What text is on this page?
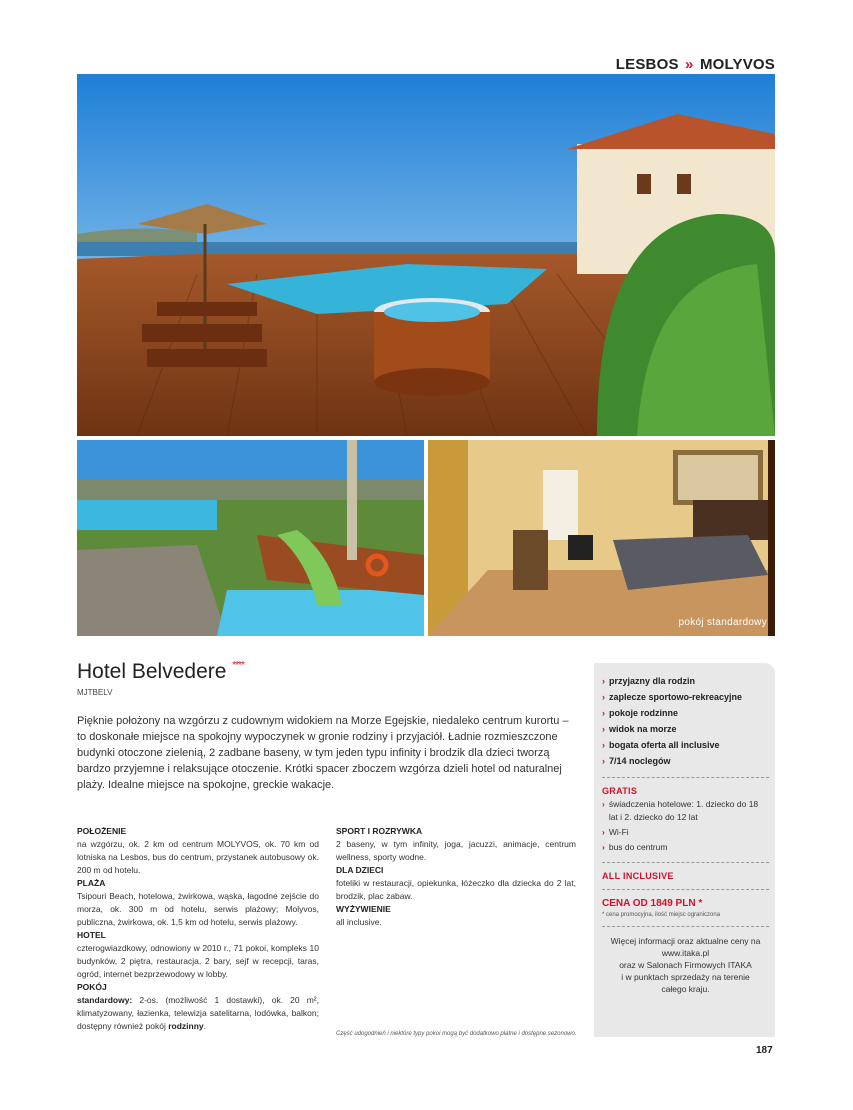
LESBOS » MOLYVOS
pokój standardowy
Hotel Belvedere ****
MJTBELV

Pięknie położony na wzgórzu z cudownym widokiem na Morze Egejskie, niedaleko centrum kurortu – to doskonałe miejsce na spokojny wypoczynek w gronie rodziny i przyjaciół. Ładnie rozmieszczone budynki otoczone zielenią, 2 zadbane baseny, w tym jeden typu infinity i brodzik dla dzieci tworzą bardzo przyjemne i relaksujące otoczenie. Krótki spacer zboczem wzgórza dzieli hotel od naturalnej plaży. Idealne miejsce na spokojne, greckie wakacje.

POŁOŻENIE

na wzgórzu, ok. 2 km od centrum MOLYVOS, ok. 70 km od lotniska na Lesbos, bus do centrum, przystanek autobusowy ok. 200 m od hotelu.

PLAŻA

Tsipouri Beach, hotelowa, żwirkowa, wąska, łagodne zejście do morza, ok. 300 m od hotelu, serwis plażowy; Molyvos, publiczna, żwirkowa, ok. 1,5 km od hotelu, serwis plażowy.

HOTEL

czterogwiazdkowy, odnowiony w 2010 r., 71 pokoi, kompleks 10 budynków, 2 piętra, restauracja, 2 bary, sejf w recepcji, taras, ogród, internet bezprzewodowy w lobby.

POKÓJ

standardowy: 2-os. (możliwość 1 dostawki), ok. 20 m², klimatyzowany, łazienka, telewizja satelitarna, lodówka, balkon; dostępny również pokój rodzinny.

SPORT I ROZRYWKA

2 baseny, w tym infinity, joga, jacuzzi, animacje, centrum wellness, sporty wodne.

DLA DZIECI

foteliki w restauracji, opiekunka, łóżeczko dla dziecka do 2 lat, brodzik, plac zabaw.

WYŻYWIENIE

all inclusive.

Część udogodnień i niektóre typy pokoi mogą być dodatkowo płatne i dostępne sezonowo.
› przyjazny dla rodzin
› zaplecze sportowo-rekreacyjne
› pokoje rodzinne
› widok na morze
› bogata oferta all inclusive
› 7/14 noclegów
GRATIS
› świadczenia hotelowe: 1. dziecko do 18 lat i 2. dziecko do 12 lat
› Wi-Fi
› bus do centrum
ALL INCLUSIVE
CENA OD 1849 PLN *
* cena promocyjna, ilość miejsc ograniczona
Więcej informacji oraz aktualne ceny na
www.itaka.pl
oraz w Salonach Firmowych ITAKA
i w punktach sprzedaży na terenie
całego kraju.
187
